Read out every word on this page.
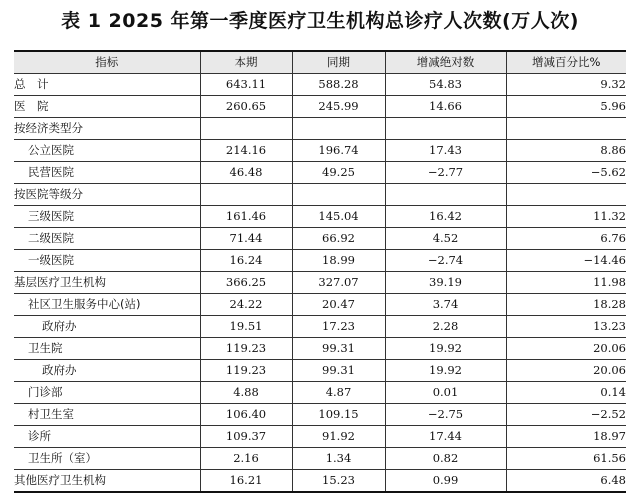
表 1 2025 年第一季度医疗卫生机构总诊疗人次数(万人次)
指标	本期	同期	增减绝对数	增减百分比%
总　计	643.11	588.28	54.83	9.32
医　院	260.65	245.99	14.66	5.96
按经济类型分				
公立医院	214.16	196.74	17.43	8.86
民营医院	46.48	49.25	−2.77	−5.62
按医院等级分				
三级医院	161.46	145.04	16.42	11.32
二级医院	71.44	66.92	4.52	6.76
一级医院	16.24	18.99	−2.74	−14.46
基层医疗卫生机构	366.25	327.07	39.19	11.98
社区卫生服务中心(站)	24.22	20.47	3.74	18.28
政府办	19.51	17.23	2.28	13.23
卫生院	119.23	99.31	19.92	20.06
政府办	119.23	99.31	19.92	20.06
门诊部	4.88	4.87	0.01	0.14
村卫生室	106.40	109.15	−2.75	−2.52
诊所	109.37	91.92	17.44	18.97
卫生所（室）	2.16	1.34	0.82	61.56
其他医疗卫生机构	16.21	15.23	0.99	6.48
